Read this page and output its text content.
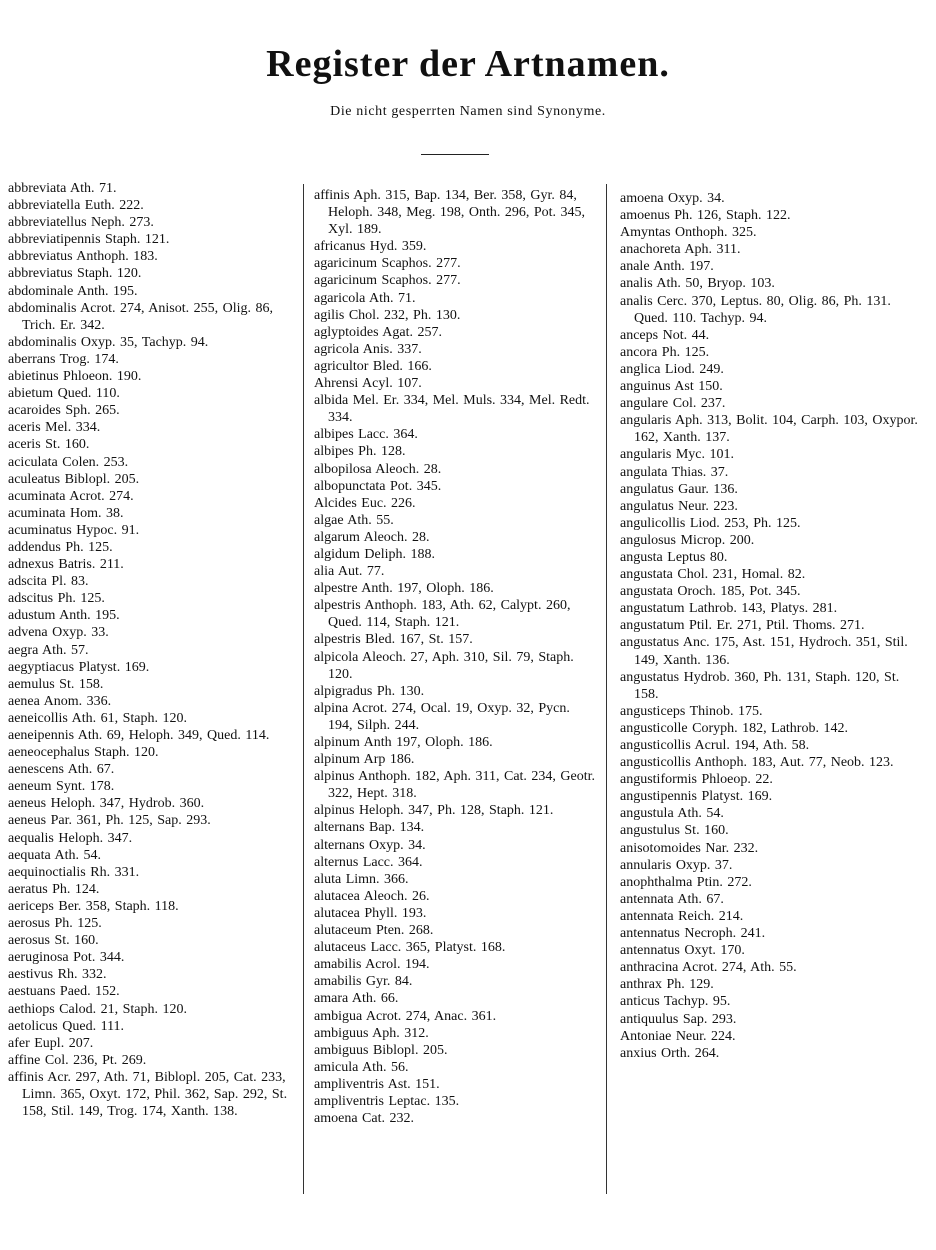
Register der Artnamen.
Die nicht gesperrten Namen sind Synonyme.

abbreviata Ath. 71.

abbreviatella Euth. 222.

abbreviatellus Neph. 273.

abbreviatipennis Staph. 121.

abbreviatus Anthoph. 183.

abbreviatus Staph. 120.

abdominale Anth. 195.

abdominalis Acrot. 274, Anisot. 255, Olig. 86, Trich. Er. 342.

abdominalis Oxyp. 35, Tachyp. 94.

aberrans Trog. 174.

abietinus Phloeon. 190.

abietum Qued. 110.

acaroides Sph. 265.

aceris Mel. 334.

aceris St. 160.

aciculata Colen. 253.

aculeatus Biblopl. 205.

acuminata Acrot. 274.

acuminata Hom. 38.

acuminatus Hypoc. 91.

addendus Ph. 125.

adnexus Batris. 211.

adscita Pl. 83.

adscitus Ph. 125.

adustum Anth. 195.

advena Oxyp. 33.

aegra Ath. 57.

aegyptiacus Platyst. 169.

aemulus St. 158.

aenea Anom. 336.

aeneicollis Ath. 61, Staph. 120.

aeneipennis Ath. 69, Heloph. 349, Qued. 114.

aeneocephalus Staph. 120.

aenescens Ath. 67.

aeneum Synt. 178.

aeneus Heloph. 347, Hydrob. 360.

aeneus Par. 361, Ph. 125, Sap. 293.

aequalis Heloph. 347.

aequata Ath. 54.

aequinoctialis Rh. 331.

aeratus Ph. 124.

aericeps Ber. 358, Staph. 118.

aerosus Ph. 125.

aerosus St. 160.

aeruginosa Pot. 344.

aestivus Rh. 332.

aestuans Paed. 152.

aethiops Calod. 21, Staph. 120.

aetolicus Qued. 111.

afer Eupl. 207.

affine Col. 236, Pt. 269.

affinis Acr. 297, Ath. 71, Biblopl. 205, Cat. 233, Limn. 365, Oxyt. 172, Phil. 362, Sap. 292, St. 158, Stil. 149, Trog. 174, Xanth. 138.

affinis Aph. 315, Bap. 134, Ber. 358, Gyr. 84, Heloph. 348, Meg. 198, Onth. 296, Pot. 345, Xyl. 189.

africanus Hyd. 359.

agaricinum Scaphos. 277.

agaricinum Scaphos. 277.

agaricola Ath. 71.

agilis Chol. 232, Ph. 130.

aglyptoides Agat. 257.

agricola Anis. 337.

agricultor Bled. 166.

Ahrensi Acyl. 107.

albida Mel. Er. 334, Mel. Muls. 334, Mel. Redt. 334.

albipes Lacc. 364.

albipes Ph. 128.

albopilosa Aleoch. 28.

albopunctata Pot. 345.

Alcides Euc. 226.

algae Ath. 55.

algarum Aleoch. 28.

algidum Deliph. 188.

alia Aut. 77.

alpestre Anth. 197, Oloph. 186.

alpestris Anthoph. 183, Ath. 62, Calypt. 260, Qued. 114, Staph. 121.

alpestris Bled. 167, St. 157.

alpicola Aleoch. 27, Aph. 310, Sil. 79, Staph. 120.

alpigradus Ph. 130.

alpina Acrot. 274, Ocal. 19, Oxyp. 32, Pycn. 194, Silph. 244.

alpinum Anth 197, Oloph. 186.

alpinum Arp 186.

alpinus Anthoph. 182, Aph. 311, Cat. 234, Geotr. 322, Hept. 318.

alpinus Heloph. 347, Ph. 128, Staph. 121.

alternans Bap. 134.

alternans Oxyp. 34.

alternus Lacc. 364.

aluta Limn. 366.

alutacea Aleoch. 26.

alutacea Phyll. 193.

alutaceum Pten. 268.

alutaceus Lacc. 365, Platyst. 168.

amabilis Acrol. 194.

amabilis Gyr. 84.

amara Ath. 66.

ambigua Acrot. 274, Anac. 361.

ambiguus Aph. 312.

ambiguus Biblopl. 205.

amicula Ath. 56.

ampliventris Ast. 151.

ampliventris Leptac. 135.

amoena Cat. 232.

amoena Oxyp. 34.

amoenus Ph. 126, Staph. 122.

Amyntas Onthoph. 325.

anachoreta Aph. 311.

anale Anth. 197.

analis Ath. 50, Bryop. 103.

analis Cerc. 370, Leptus. 80, Olig. 86, Ph. 131. Qued. 110. Tachyp. 94.

anceps Not. 44.

ancora Ph. 125.

anglica Liod. 249.

anguinus Ast 150.

angulare Col. 237.

angularis Aph. 313, Bolit. 104, Carph. 103, Oxypor. 162, Xanth. 137.

angularis Myc. 101.

angulata Thias. 37.

angulatus Gaur. 136.

angulatus Neur. 223.

angulicollis Liod. 253, Ph. 125.

angulosus Microp. 200.

angusta Leptus 80.

angustata Chol. 231, Homal. 82.

angustata Oroch. 185, Pot. 345.

angustatum Lathrob. 143, Platys. 281.

angustatum Ptil. Er. 271, Ptil. Thoms. 271.

angustatus Anc. 175, Ast. 151, Hydroch. 351, Stil. 149, Xanth. 136.

angustatus Hydrob. 360, Ph. 131, Staph. 120, St. 158.

angusticeps Thinob. 175.

angusticolle Coryph. 182, Lathrob. 142.

angusticollis Acrul. 194, Ath. 58.

angusticollis Anthoph. 183, Aut. 77, Neob. 123.

angustiformis Phloeop. 22.

angustipennis Platyst. 169.

angustula Ath. 54.

angustulus St. 160.

anisotomoides Nar. 232.

annularis Oxyp. 37.

anophthalma Ptin. 272.

antennata Ath. 67.

antennata Reich. 214.

antennatus Necroph. 241.

antennatus Oxyt. 170.

anthracina Acrot. 274, Ath. 55.

anthrax Ph. 129.

anticus Tachyp. 95.

antiquulus Sap. 293.

Antoniae Neur. 224.

anxius Orth. 264.
